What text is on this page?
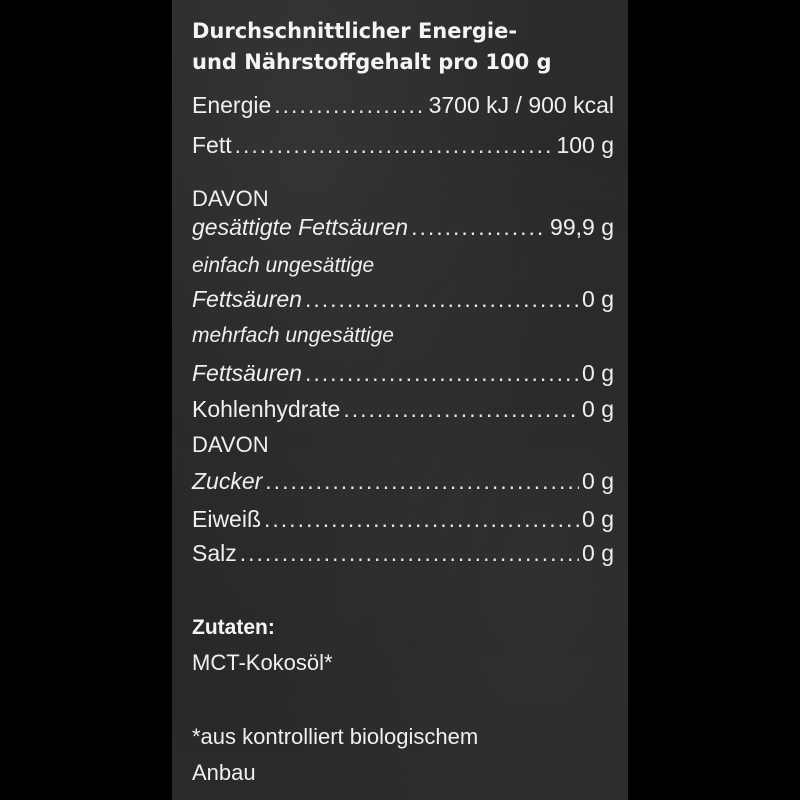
Durchschnittlicher Energie-
und Nährstoffgehalt pro 100 g
Energie .....	3700 kJ / 900 kcal
Fett .....	100 g
DAVON
gesättigte Fettsäuren .....	99,9 g
einfach ungesättige
Fettsäuren .....	0 g
mehrfach ungesättige
Fettsäuren .....	0 g
Kohlenhydrate .....	0 g
DAVON
Zucker .....	0 g
Eiweiß .....	0 g
Salz .....	0 g
Zutaten:
MCT-Kokosöl*
*aus kontrolliert biologischem
Anbau
